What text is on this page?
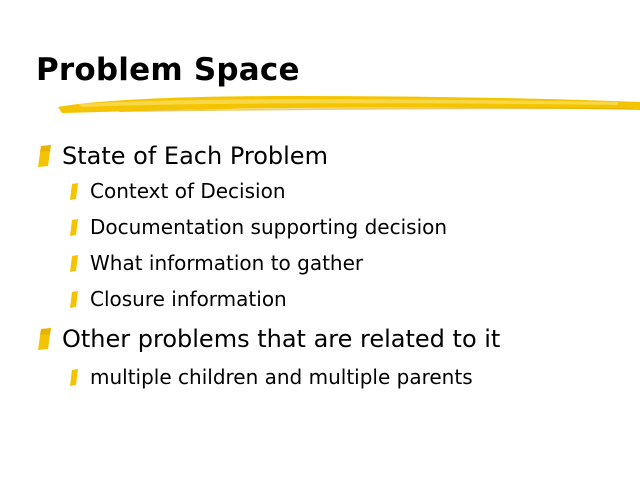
Problem Space
State of Each Problem
Context of Decision
Documentation supporting decision
What information to gather
Closure information
Other problems that are related to it
multiple children and multiple parents
